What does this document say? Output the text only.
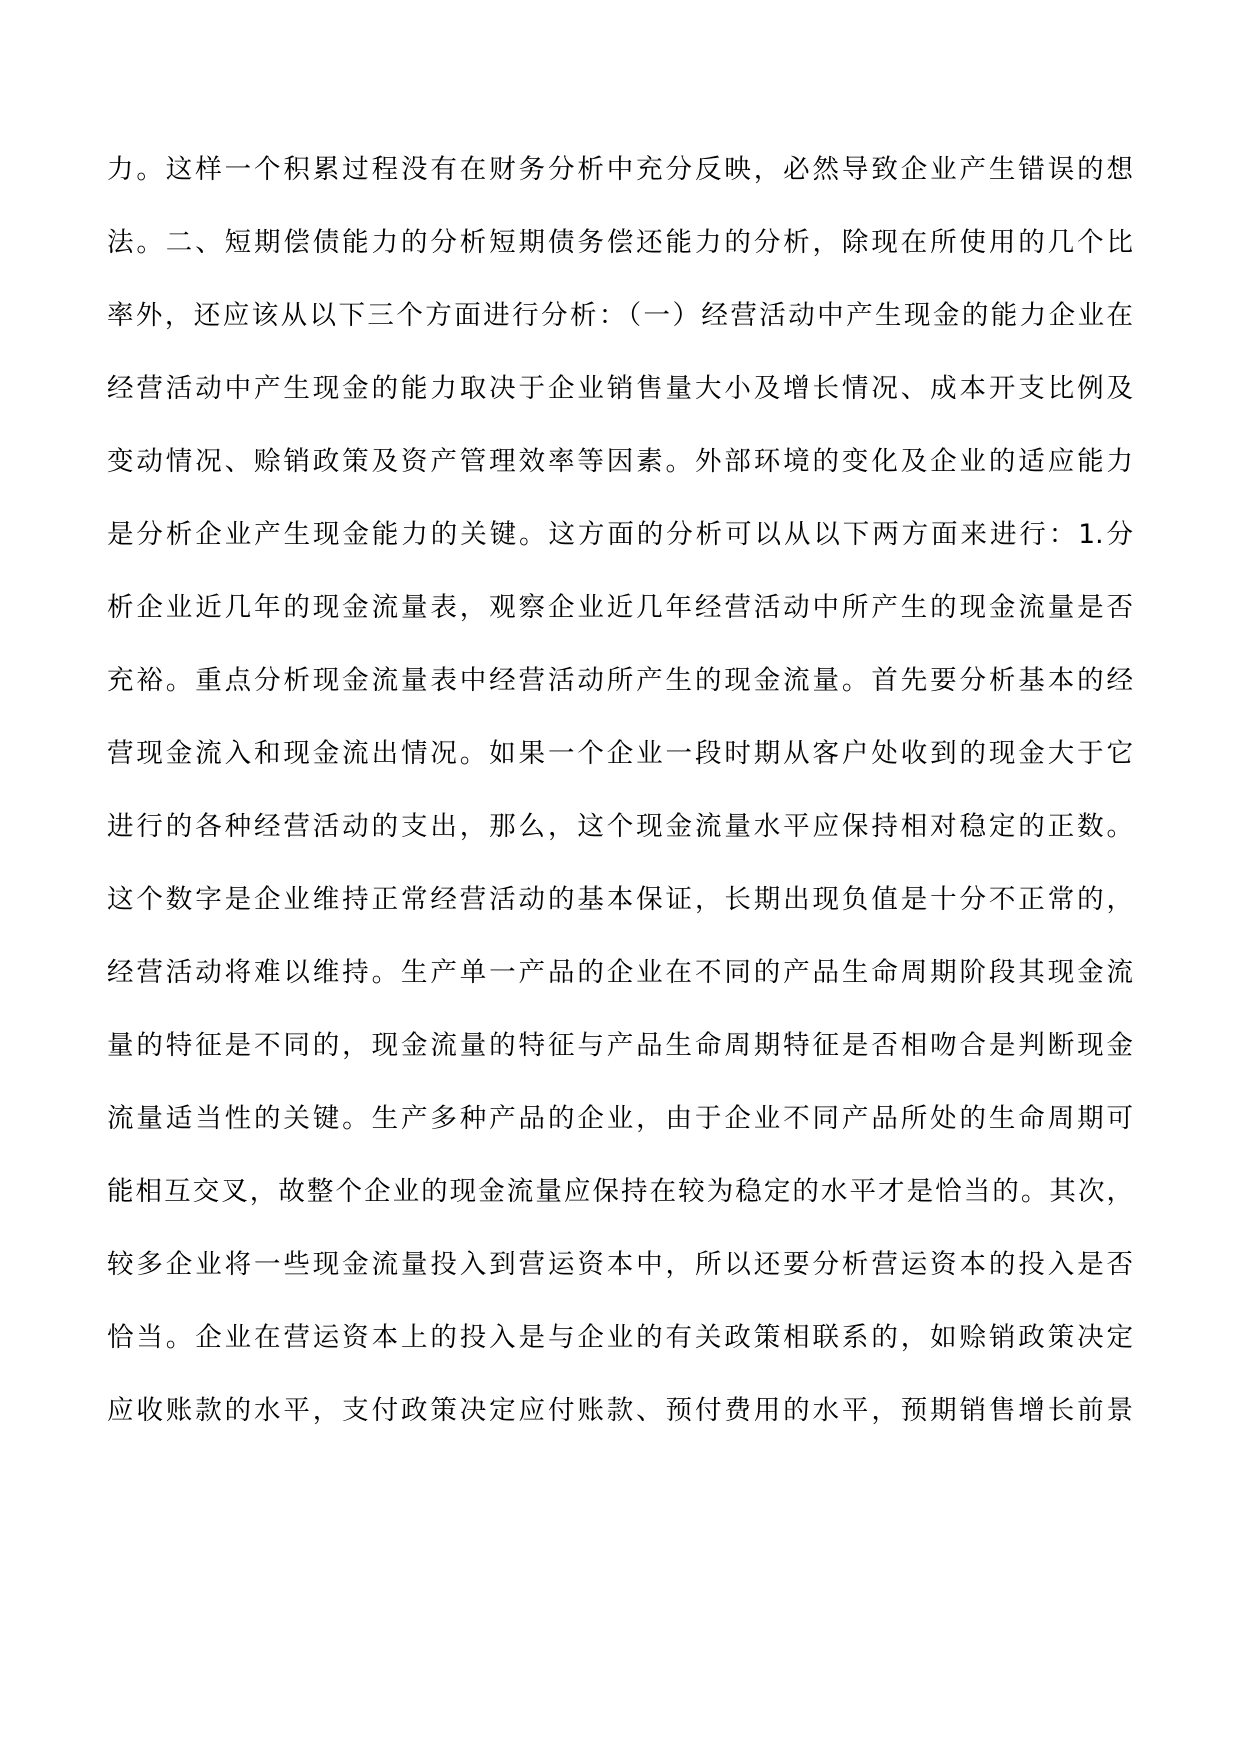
力。这样一个积累过程没有在财务分析中充分反映，必然导致企业产生错误的想
法。二、短期偿债能力的分析短期债务偿还能力的分析，除现在所使用的几个比
率外，还应该从以下三个方面进行分析：（一）经营活动中产生现金的能力企业在
经营活动中产生现金的能力取决于企业销售量大小及增长情况、成本开支比例及
变动情况、赊销政策及资产管理效率等因素。外部环境的变化及企业的适应能力
是分析企业产生现金能力的关键。这方面的分析可以从以下两方面来进行：1.分
析企业近几年的现金流量表，观察企业近几年经营活动中所产生的现金流量是否
充裕。重点分析现金流量表中经营活动所产生的现金流量。首先要分析基本的经
营现金流入和现金流出情况。如果一个企业一段时期从客户处收到的现金大于它
进行的各种经营活动的支出，那么，这个现金流量水平应保持相对稳定的正数。
这个数字是企业维持正常经营活动的基本保证，长期出现负值是十分不正常的，
经营活动将难以维持。生产单一产品的企业在不同的产品生命周期阶段其现金流
量的特征是不同的，现金流量的特征与产品生命周期特征是否相吻合是判断现金
流量适当性的关键。生产多种产品的企业，由于企业不同产品所处的生命周期可
能相互交叉，故整个企业的现金流量应保持在较为稳定的水平才是恰当的。其次，
较多企业将一些现金流量投入到营运资本中，所以还要分析营运资本的投入是否
恰当。企业在营运资本上的投入是与企业的有关政策相联系的，如赊销政策决定
应收账款的水平，支付政策决定应付账款、预付费用的水平，预期销售增长前景
